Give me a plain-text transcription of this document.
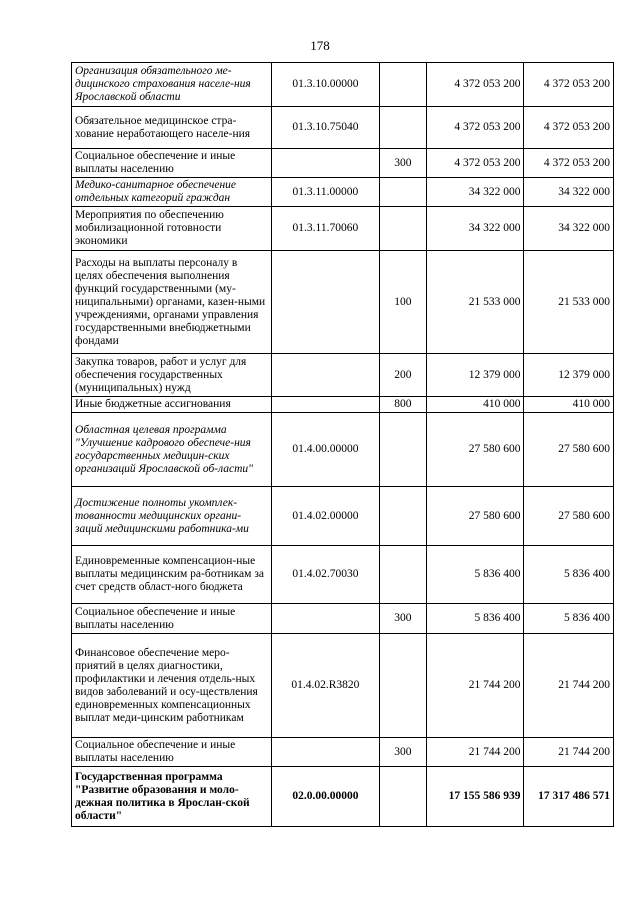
178
Организация обязательного ме-дицинского страхования населе-ния Ярославской области	01.3.10.00000		4 372 053 200	4 372 053 200
Обязательное медицинское стра-хование неработающего населе-ния	01.3.10.75040		4 372 053 200	4 372 053 200
Социальное обеспечение и иные выплаты населению		300	4 372 053 200	4 372 053 200
Медико-санитарное обеспечение отдельных категорий граждан	01.3.11.00000		34 322 000	34 322 000
Мероприятия по обеспечению мобилизационной готовности экономики	01.3.11.70060		34 322 000	34 322 000
Расходы на выплаты персоналу в целях обеспечения выполнения функций государственными (му-ниципальными) органами, казен-ными учреждениями, органами управления государственными внебюджетными фондами		100	21 533 000	21 533 000
Закупка товаров, работ и услуг для обеспечения государственных (муниципальных) нужд		200	12 379 000	12 379 000
Иные бюджетные ассигнования		800	410 000	410 000
Областная целевая программа "Улучшение кадрового обеспече-ния государственных медицин-ских организаций Ярославской об-ласти"	01.4.00.00000		27 580 600	27 580 600
Достижение полноты укомплек-тованности медицинских органи-заций медицинскими работника-ми	01.4.02.00000		27 580 600	27 580 600
Единовременные компенсацион-ные выплаты медицинским ра-ботникам за счет средств област-ного бюджета	01.4.02.70030		5 836 400	5 836 400
Социальное обеспечение и иные выплаты населению		300	5 836 400	5 836 400
Финансовое обеспечение меро-приятий в целях диагностики, профилактики и лечения отдель-ных видов заболеваний и осу-ществления единовременных компенсационных выплат меди-цинским работникам	01.4.02.R3820		21 744 200	21 744 200
Социальное обеспечение и иные выплаты населению		300	21 744 200	21 744 200
Государственная программа "Развитие образования и моло-дежная политика в Ярослан-ской области"	02.0.00.00000		17 155 586 939	17 317 486 571
